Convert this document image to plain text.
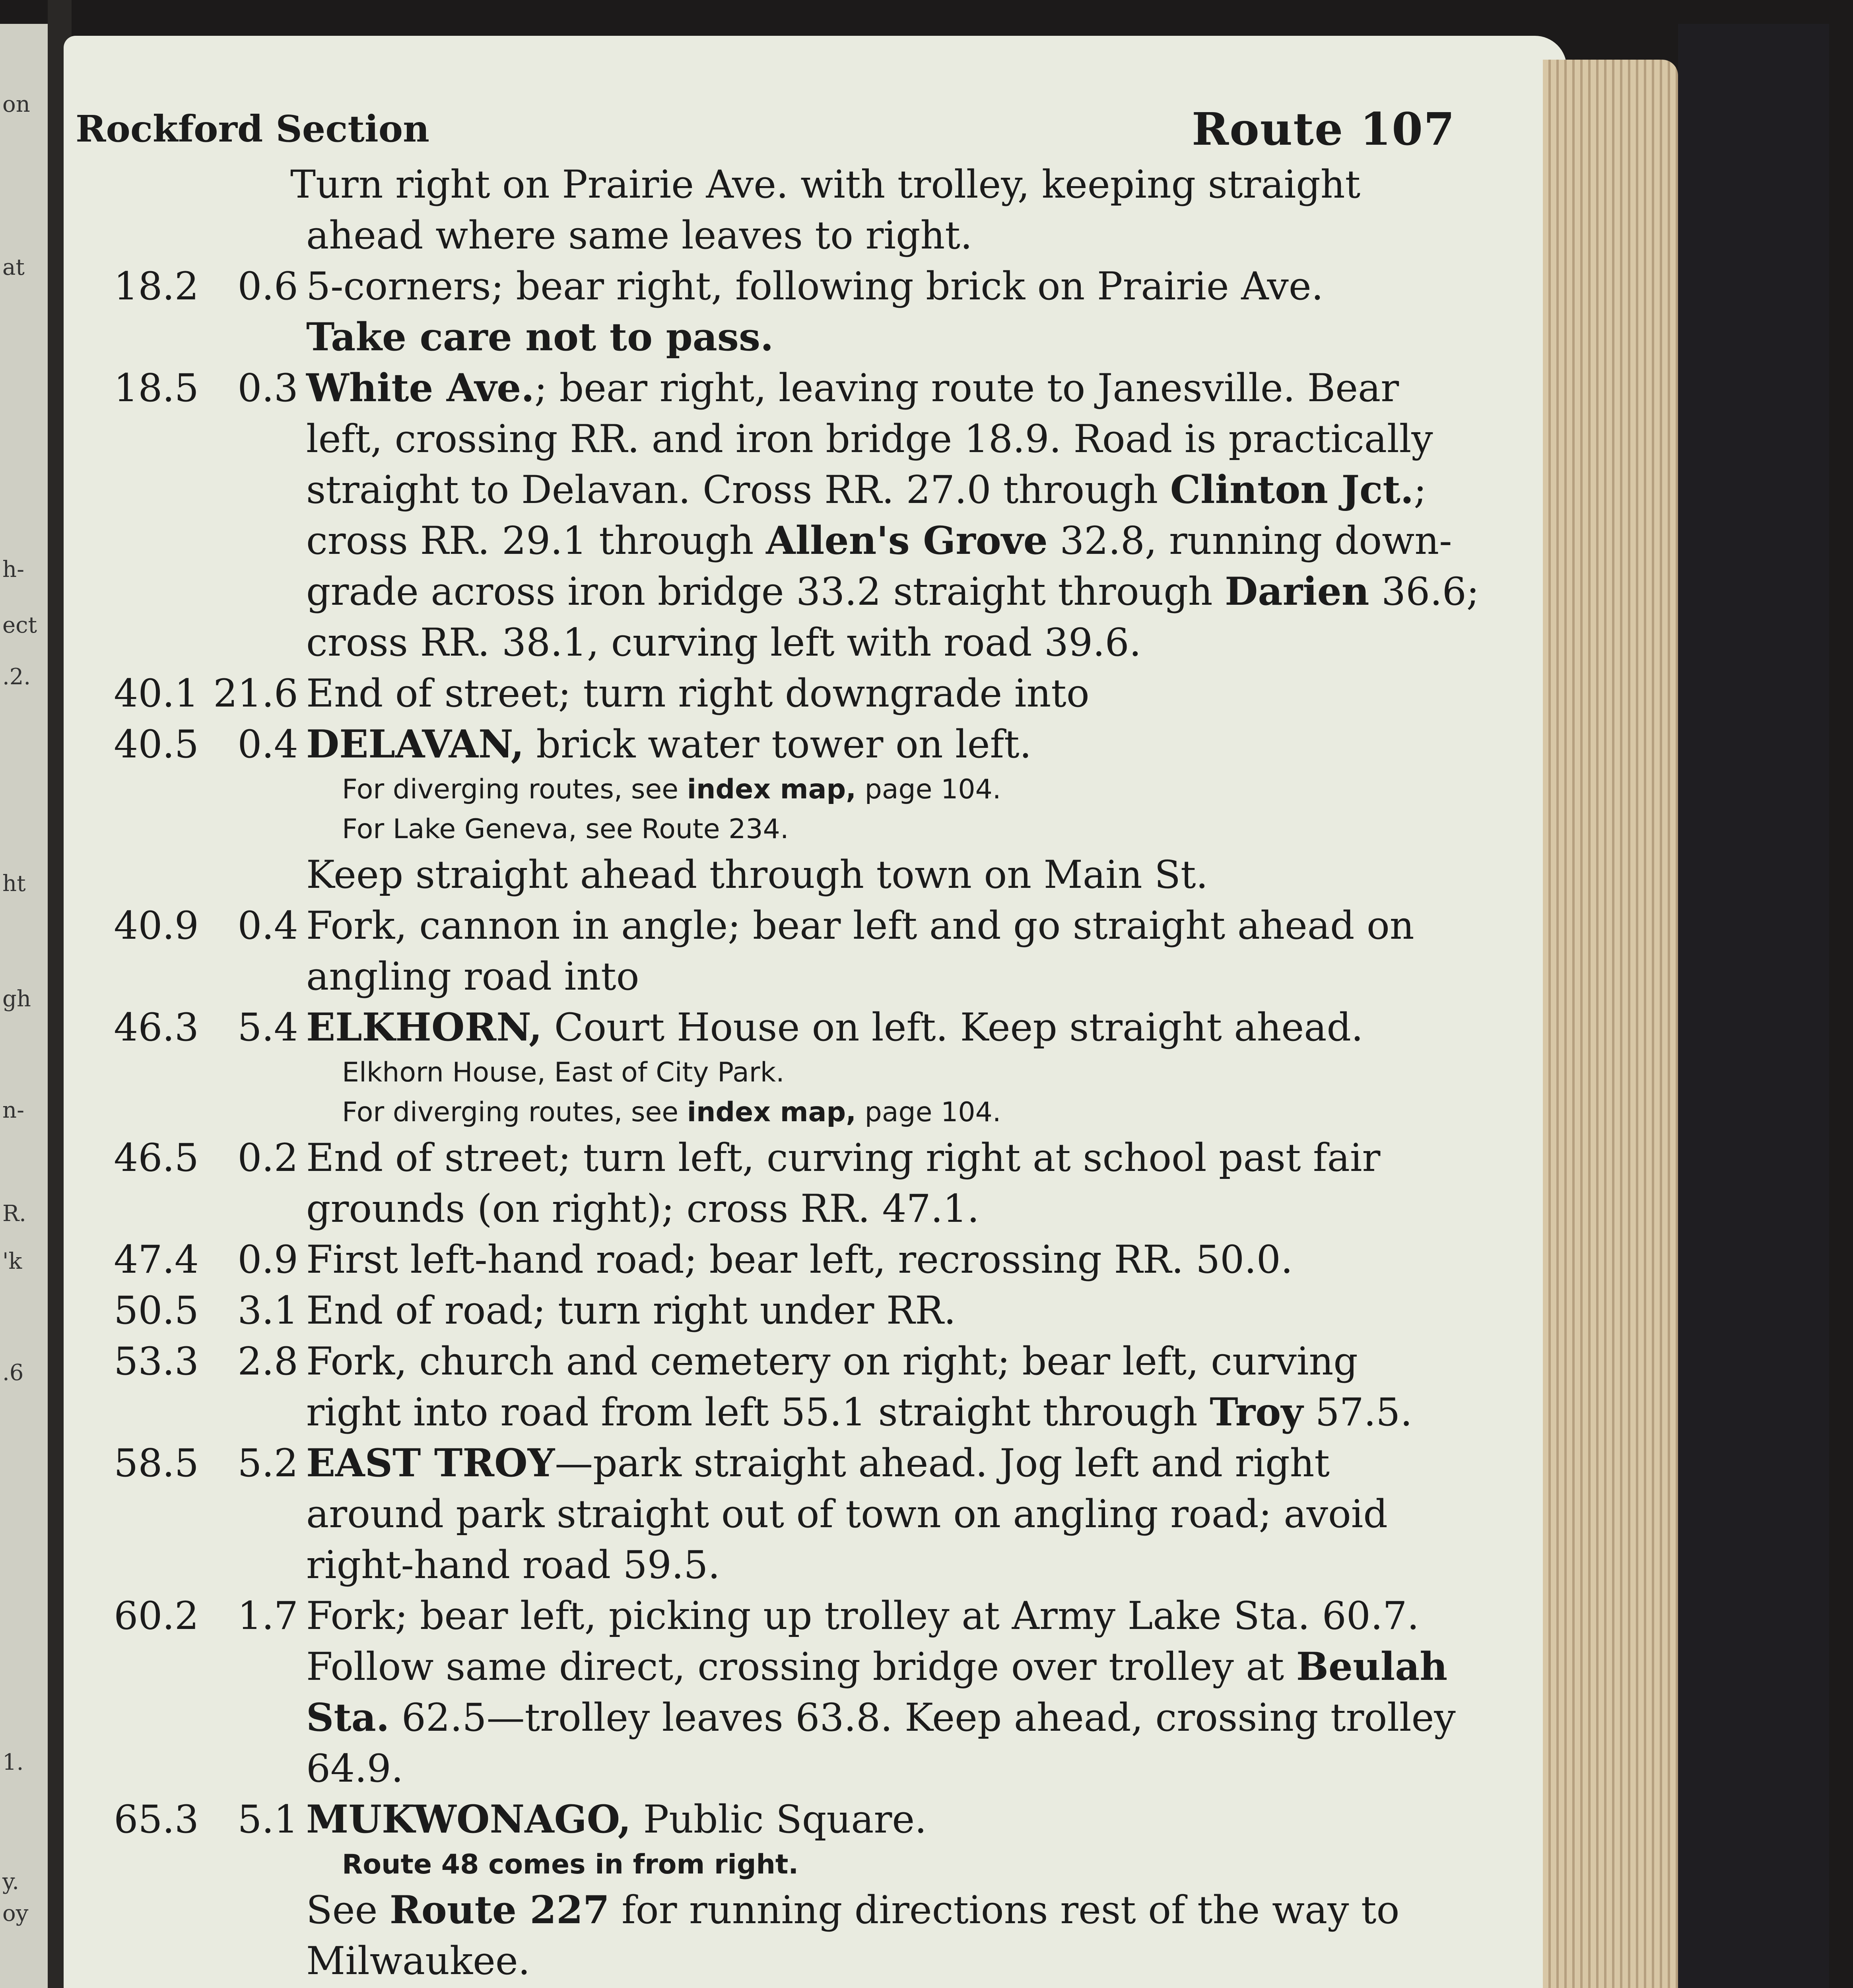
on
at
h-
ect
.2.
ht
gh
n-
R.
'k
.6
1.
y.
oy
Rockford Section	Route 107
Turn right on Prairie Ave. with trolley, keeping straight
ahead where same leaves to right.
18.2	0.6 5-corners; bear right, following brick on Prairie Ave.
Take care not to pass.
18.5	0.3 White Ave.; bear right, leaving route to Janesville. Bear
left, crossing RR. and iron bridge 18.9. Road is practically
straight to Delavan. Cross RR. 27.0 through Clinton Jct.;
cross RR. 29.1 through Allen's Grove 32.8, running down-
grade across iron bridge 33.2 straight through Darien 36.6;
cross RR. 38.1, curving left with road 39.6.
40.1 21.6 End of street; turn right downgrade into
40.5	0.4 DELAVAN, brick water tower on left.
For diverging routes, see index map, page 104.
For Lake Geneva, see Route 234.
Keep straight ahead through town on Main St.
40.9	0.4 Fork, cannon in angle; bear left and go straight ahead on
angling road into
46.3	5.4 ELKHORN, Court House on left. Keep straight ahead.
Elkhorn House, East of City Park.
For diverging routes, see index map, page 104.
46.5	0.2 End of street; turn left, curving right at school past fair
grounds (on right); cross RR. 47.1.
47.4	0.9 First left-hand road; bear left, recrossing RR. 50.0.
50.5	3.1 End of road; turn right under RR.
53.3	2.8 Fork, church and cemetery on right; bear left, curving
right into road from left 55.1 straight through Troy 57.5.
58.5	5.2 EAST TROY—park straight ahead. Jog left and right
around park straight out of town on angling road; avoid
right-hand road 59.5.
60.2	1.7 Fork; bear left, picking up trolley at Army Lake Sta. 60.7.
Follow same direct, crossing bridge over trolley at Beulah
Sta. 62.5—trolley leaves 63.8. Keep ahead, crossing trolley
64.9.
65.3	5.1 MUKWONAGO, Public Square.
Route 48 comes in from right.
See Route 227 for running directions rest of the way to
Milwaukee.
